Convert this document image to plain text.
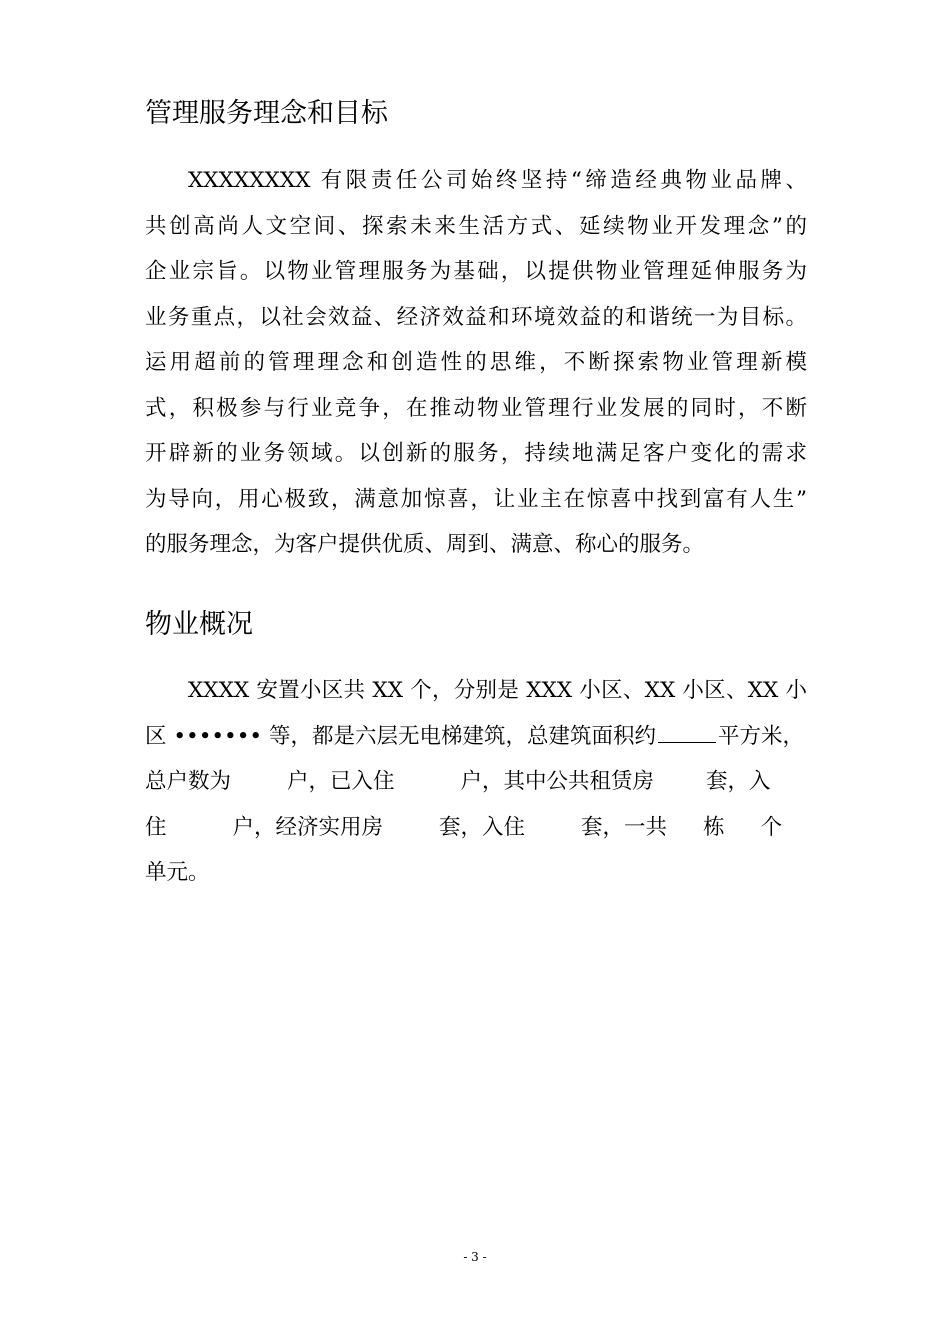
管理服务理念和目标
XXXXXXXX 有限责任公司始终坚持“缔造经典物业品牌、
共创高尚人文空间、探索未来生活方式、延续物业开发理念”的
企业宗旨。以物业管理服务为基础，以提供物业管理延伸服务为
业务重点，以社会效益、经济效益和环境效益的和谐统一为目标。
运用超前的管理理念和创造性的思维，不断探索物业管理新模
式，积极参与行业竞争，在推动物业管理行业发展的同时，不断
开辟新的业务领域。以创新的服务，持续地满足客户变化的需求
为导向，用心极致，满意加惊喜，让业主在惊喜中找到富有人生”
的服务理念，为客户提供优质、周到、满意、称心的服务。
物业概况
XXXX 安置小区共 XX 个，分别是 XXX 小区、XX 小区、XX 小
区 ••••••• 等，都是六层无电梯建筑，总建筑面积约	平方米，
总户数为	户，已入住	户，其中公共租赁房 套，入
住	户，经济实用房	套，入住	套，一共 栋 个
单元。
- 3 -
